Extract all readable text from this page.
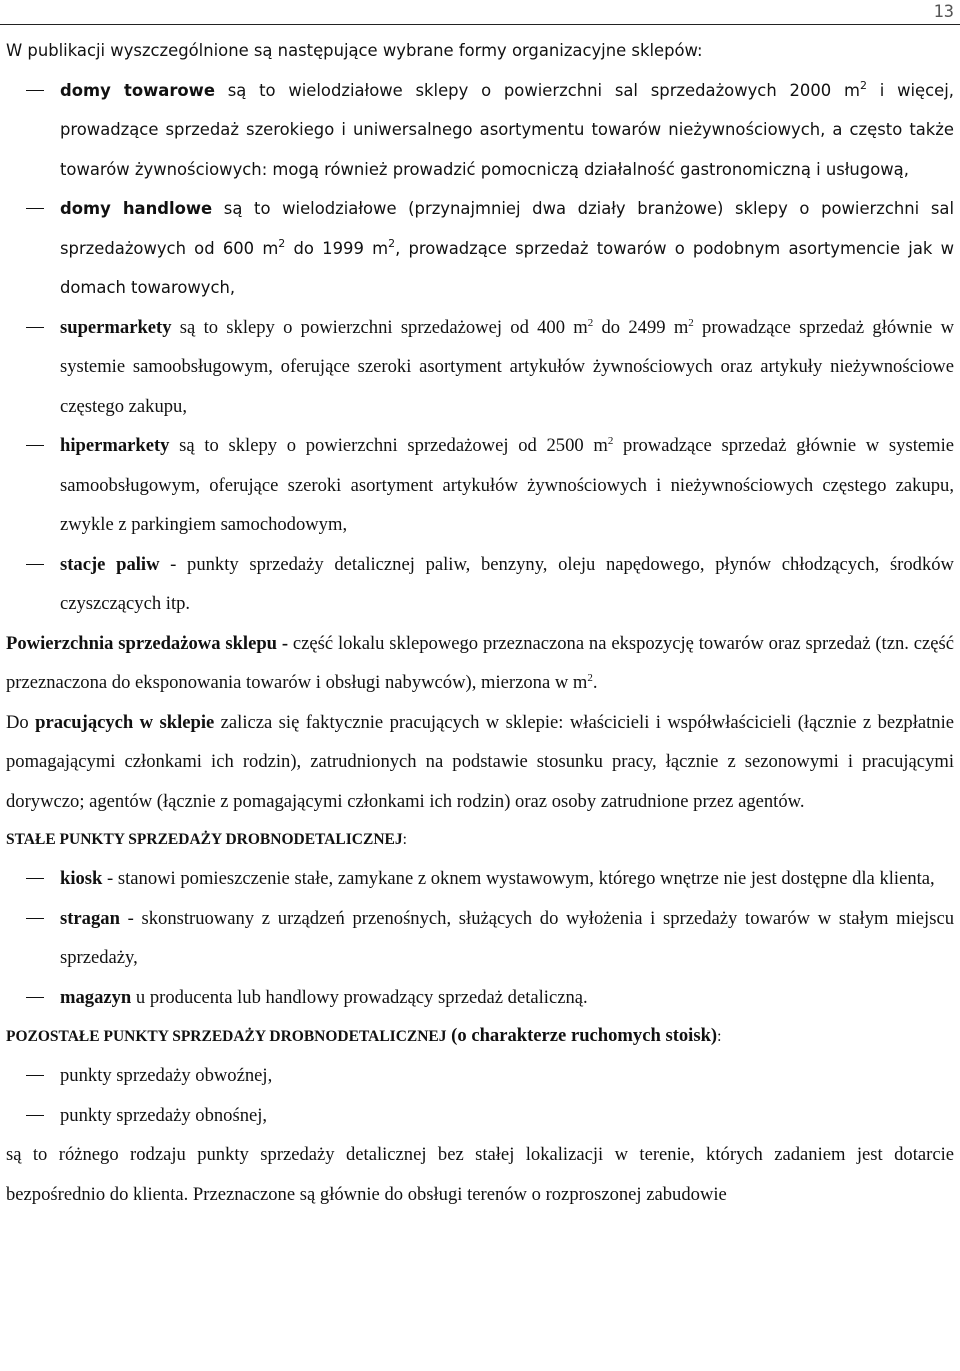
13

W publikacji wyszczególnione są następujące wybrane formy organizacyjne sklepów:

domy towarowe są to wielodziałowe sklepy o powierzchni sal sprzedażowych 2000 $m^2$ i więcej, prowadzące sprzedaż szerokiego i uniwersalnego asortymentu towarów nieżywnościowych, a często także towarów żywnościowych: mogą również prowadzić pomocniczą działalność gastronomiczną i usługową,
domy handlowe są to wielodziałowe (przynajmniej dwa działy branżowe) sklepy o powierzchni sal sprzedażowych od 600 $m^2$ do 1999 $m^2$, prowadzące sprzedaż towarów o podobnym asortymencie jak w domach towarowych,
supermarkety są to sklepy o powierzchni sprzedażowej od 400 $m^2$ do 2499 $m^2$ prowadzące sprzedaż głównie w systemie samoobsługowym, oferujące szeroki asortyment artykułów żywnościowych oraz artykuły nieżywnościowe częstego zakupu,
hipermarkety są to sklepy o powierzchni sprzedażowej od 2500 $m^2$ prowadzące sprzedaż głównie w systemie samoobsługowym, oferujące szeroki asortyment artykułów żywnościowych i nieżywnościowych częstego zakupu, zwykle z parkingiem samochodowym,
stacje paliw - punkty sprzedaży detalicznej paliw, benzyny, oleju napędowego, płynów chłodzących, środków czyszczących itp.

Powierzchnia sprzedażowa sklepu - część lokalu sklepowego przeznaczona na ekspozycję towarów oraz sprzedaż (tzn. część przeznaczona do eksponowania towarów i obsługi nabywców), mierzona w $m^2$.

Do pracujących w sklepie zalicza się faktycznie pracujących w sklepie: właścicieli i współwłaścicieli (łącznie z bezpłatnie pomagającymi członkami ich rodzin), zatrudnionych na podstawie stosunku pracy, łącznie z sezonowymi i pracującymi dorywczo; agentów (łącznie z pomagającymi członkami ich rodzin) oraz osoby zatrudnione przez agentów.

STAŁE PUNKTY SPRZEDAŻY DROBNODETALICZNEJ:

kiosk - stanowi pomieszczenie stałe, zamykane z oknem wystawowym, którego wnętrze nie jest dostępne dla klienta,
stragan - skonstruowany z urządzeń przenośnych, służących do wyłożenia i sprzedaży towarów w stałym miejscu sprzedaży,
magazyn u producenta lub handlowy prowadzący sprzedaż detaliczną.

POZOSTAŁE PUNKTY SPRZEDAŻY DROBNODETALICZNEJ (o charakterze ruchomych stoisk):

punkty sprzedaży obwoźnej,
punkty sprzedaży obnośnej,

są to różnego rodzaju punkty sprzedaży detalicznej bez stałej lokalizacji w terenie, których zadaniem jest dotarcie bezpośrednio do klienta. Przeznaczone są głównie do obsługi terenów o rozproszonej zabudowie
